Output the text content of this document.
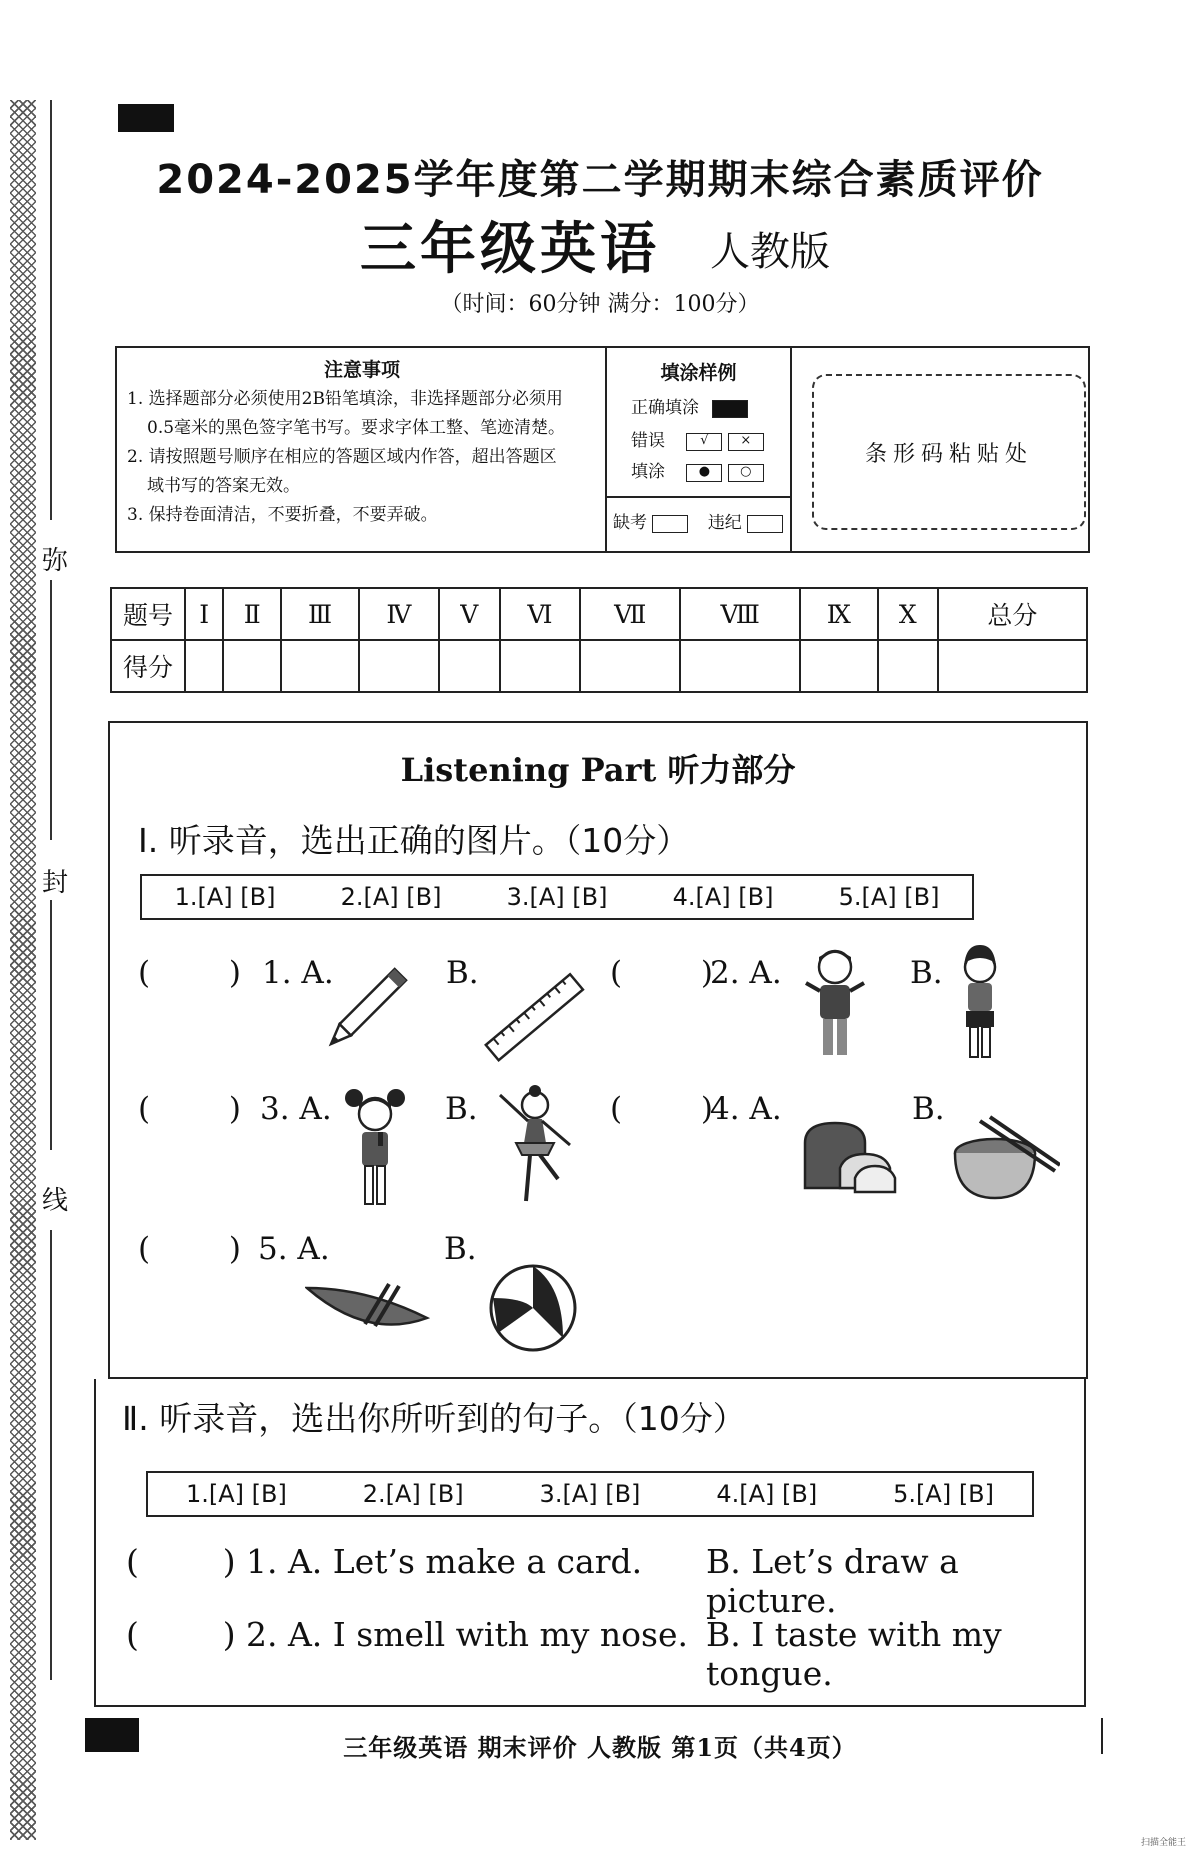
弥
封
线
2024-2025学年度第二学期期末综合素质评价
三年级英语 人教版
（时间：60分钟 满分：100分）
注意事项
1. 选择题部分必须使用2B铅笔填涂，非选择题部分必须用
0.5毫米的黑色签字笔书写。要求字体工整、笔迹清楚。
2. 请按照题号顺序在相应的答题区域内作答，超出答题区
域书写的答案无效。
3. 保持卷面清洁，不要折叠，不要弄破。
填涂样例
正确填涂
错误	√ ×
填涂	● ○
缺考	违纪
条形码粘贴处
题号	Ⅰ	Ⅱ	Ⅲ	Ⅳ	Ⅴ	Ⅵ	Ⅶ	Ⅷ	Ⅸ	Ⅹ	总分
得分											
Listening Part 听力部分
Ⅰ. 听录音，选出正确的图片。（10分）
1.[A] [B]	2.[A] [B]	3.[A] [B]	4.[A] [B]	5.[A] [B]
(        ) 1. A.	B.	(        )
2. A.	B.
(        ) 3. A.	B.	(        )
4. A.	B.
(        ) 5. A.	B.
Ⅱ. 听录音，选出你所听到的句子。（10分）
1.[A] [B]	2.[A] [B]	3.[A] [B]	4.[A] [B]	5.[A] [B]
(        ) 1. A. Let’s make a card. B. Let’s draw a picture.
(        ) 2. A. I smell with my nose. B. I taste with my tongue.
三年级英语 期末评价 人教版 第1页（共4页）
扫描全能王
